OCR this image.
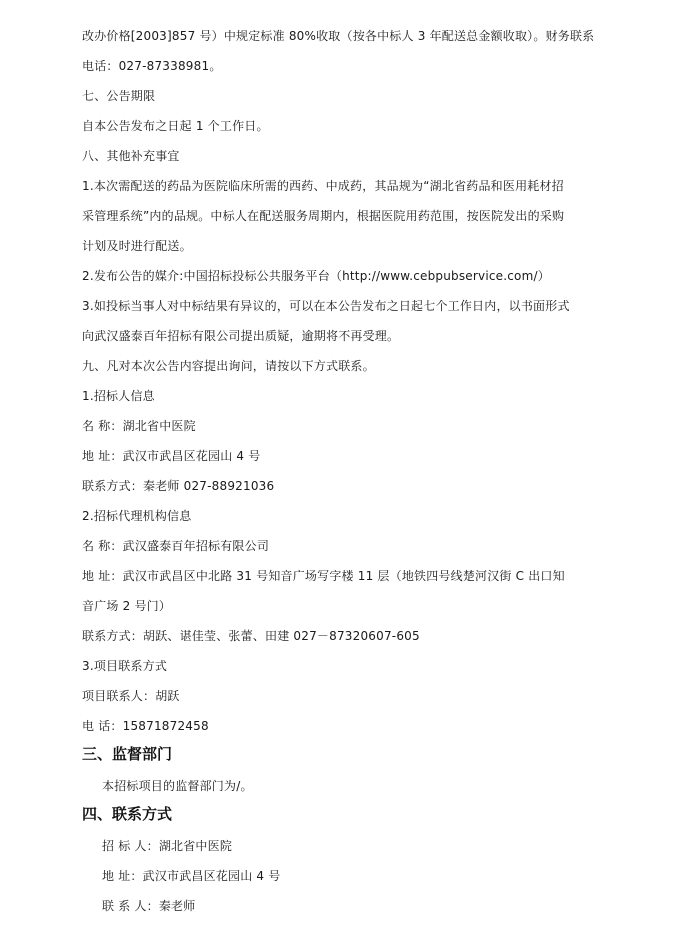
改办价格[2003]857 号）中规定标准 80%收取（按各中标人 3 年配送总金额收取）。财务联系
电话：027-87338981。
七、公告期限
自本公告发布之日起 1 个工作日。
八、其他补充事宜
1.本次需配送的药品为医院临床所需的西药、中成药，其品规为“湖北省药品和医用耗材招
采管理系统”内的品规。中标人在配送服务周期内，根据医院用药范围，按医院发出的采购
计划及时进行配送。
2.发布公告的媒介:中国招标投标公共服务平台（http://www.cebpubservice.com/）
3.如投标当事人对中标结果有异议的，可以在本公告发布之日起七个工作日内，以书面形式
向武汉盛泰百年招标有限公司提出质疑，逾期将不再受理。
九、凡对本次公告内容提出询问，请按以下方式联系。
1.招标人信息
名 称：湖北省中医院
地 址：武汉市武昌区花园山 4 号
联系方式：秦老师 027-88921036
2.招标代理机构信息
名 称：武汉盛泰百年招标有限公司
地 址：武汉市武昌区中北路 31 号知音广场写字楼 11 层（地铁四号线楚河汉街 C 出口知
音广场 2 号门）
联系方式：胡跃、谌佳莹、张蕾、田建 027－87320607-605
3.项目联系方式
项目联系人：胡跃
电 话：15871872458
三、监督部门
本招标项目的监督部门为/。
四、联系方式
招 标 人：湖北省中医院
地 址：武汉市武昌区花园山 4 号
联 系 人：秦老师
